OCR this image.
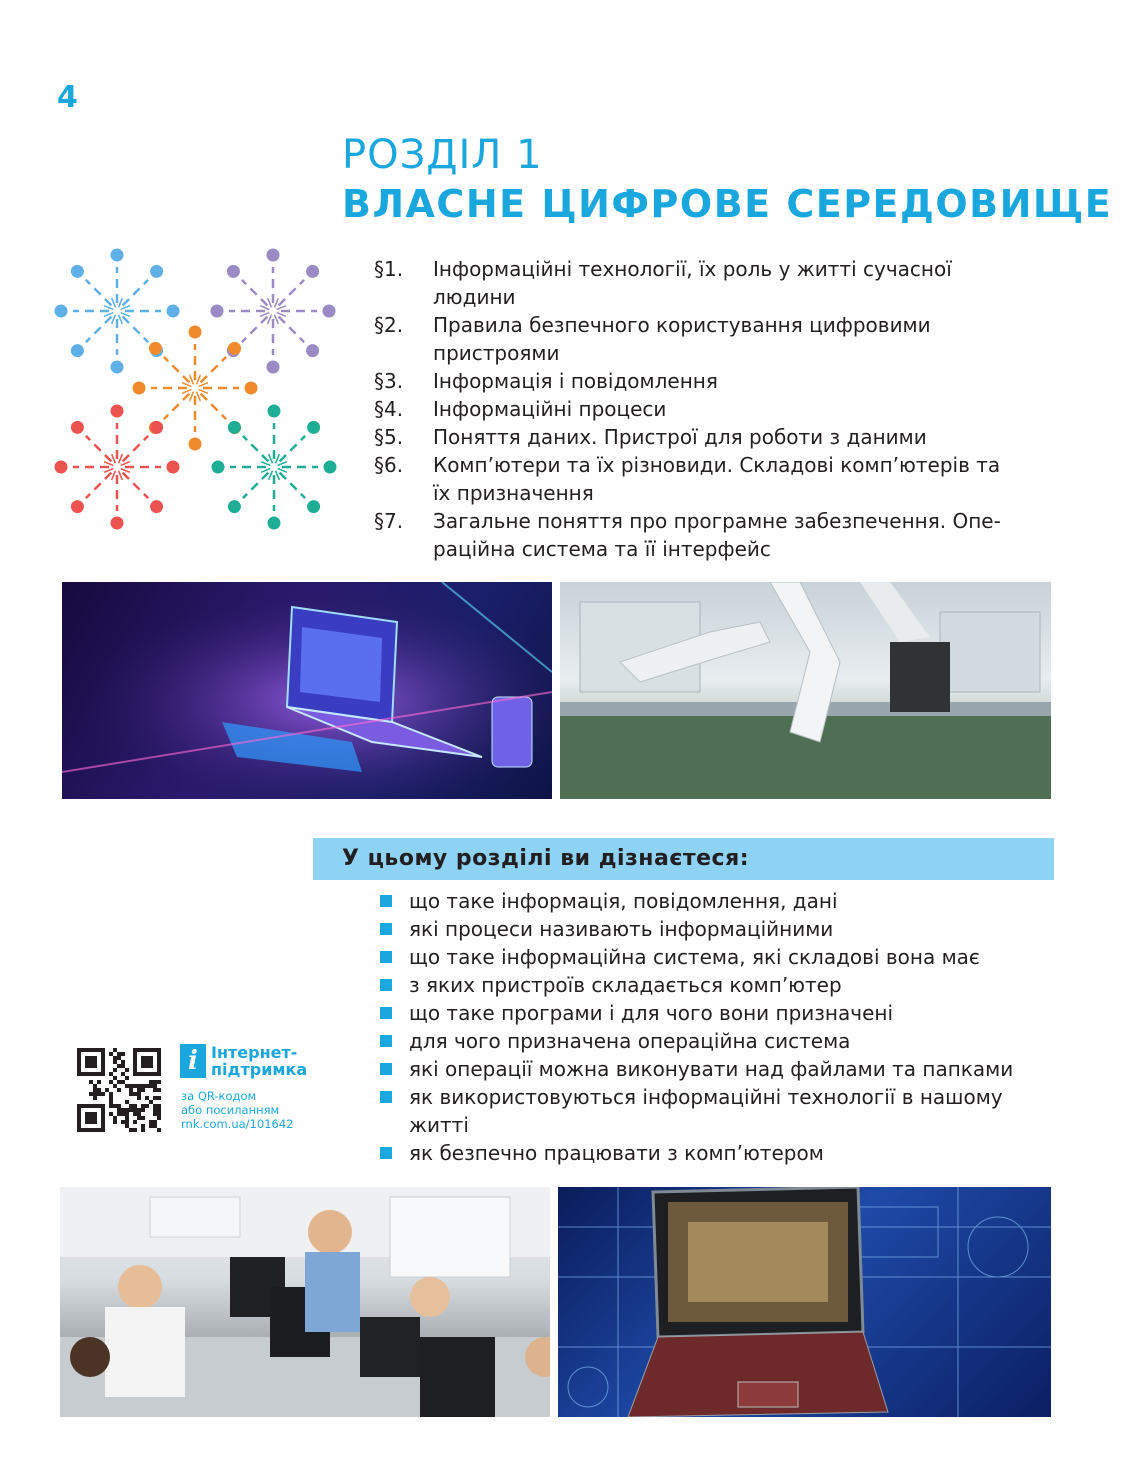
4
РОЗДІЛ 1
ВЛАСНЕ ЦИФРОВЕ СЕРЕДОВИЩЕ
§1.	Інформаційні технології, їх роль у житті сучасної
людини
§2.	Правила безпечного користування цифровими
пристроями
§3.	Інформація і повідомлення
§4.	Інформаційні процеси
§5.	Поняття даних. Пристрої для роботи з даними
§6.	Комп’ютери та їх різновиди. Складові комп’ютерів та
їх призначення
§7.	Загальне поняття про програмне забезпечення. Опе-
раційна система та її інтерфейс
У цьому розділі ви дізнаєтеся:
що таке інформація, повідомлення, дані
які процеси називають інформаційними
що таке інформаційна система, які складові вона має
з яких пристроїв складається комп’ютер
що таке програми і для чого вони призначені
для чого призначена операційна система
які операції можна виконувати над файлами та папками
як використовуються інформаційні технології в нашому
житті
як безпечно працювати з комп’ютером
i Інтернет-
підтримка
за QR-кодом
або посиланням
rnk.com.ua/101642
